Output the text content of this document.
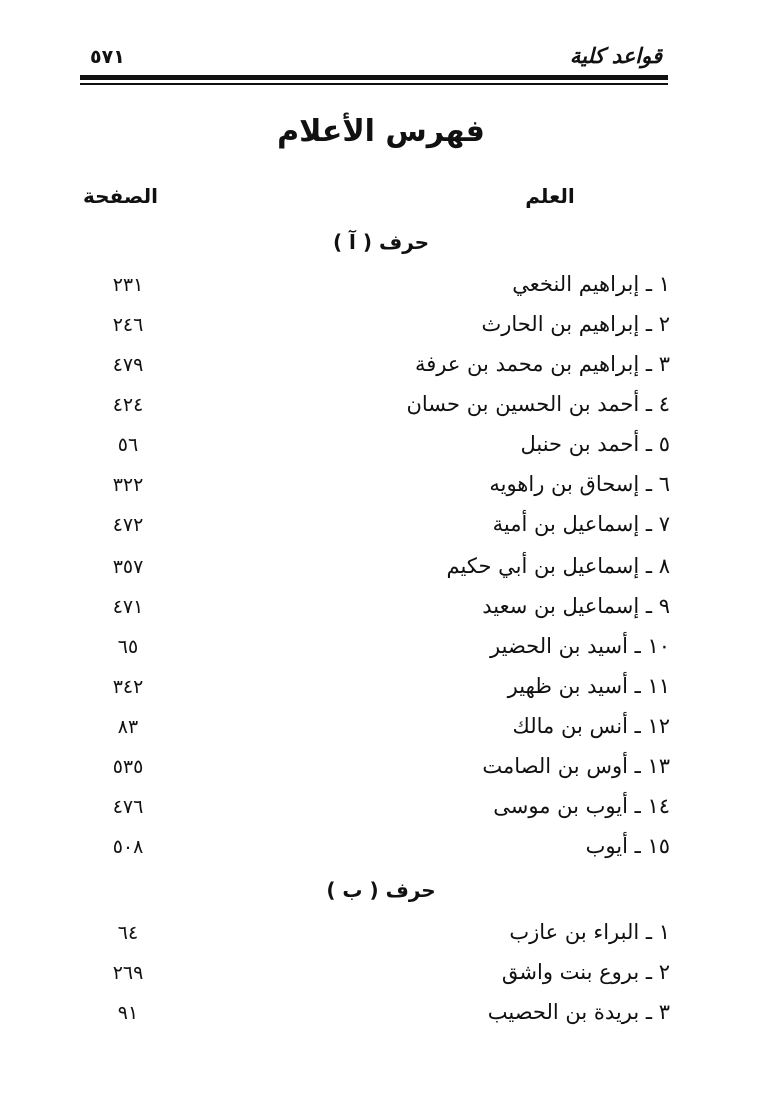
قواعد كلية
٥٧١
فهرس الأعلام
العلم
الصفحة
حرف ( آ )
١ ـ إبراهيم النخعي
٢٣١
٢ ـ إبراهيم بن الحارث
٢٤٦
٣ ـ إبراهيم بن محمد بن عرفة
٤٧٩
٤ ـ أحمد بن الحسين بن حسان
٤٢٤
٥ ـ أحمد بن حنبل
٥٦
٦ ـ إسحاق بن راهويه
٣٢٢
٧ ـ إسماعيل بن أمية
٤٧٢
٨ ـ إسماعيل بن أبي حكيم
٣٥٧
٩ ـ إسماعيل بن سعيد
٤٧١
١٠ ـ أسيد بن الحضير
٦٥
١١ ـ أسيد بن ظهير
٣٤٢
١٢ ـ أنس بن مالك
٨٣
١٣ ـ أوس بن الصامت
٥٣٥
١٤ ـ أيوب بن موسى
٤٧٦
١٥ ـ أيوب
٥٠٨
حرف ( ب )
١ ـ البراء بن عازب
٦٤
٢ ـ بروع بنت واشق
٢٦٩
٣ ـ بريدة بن الحصيب
٩١
